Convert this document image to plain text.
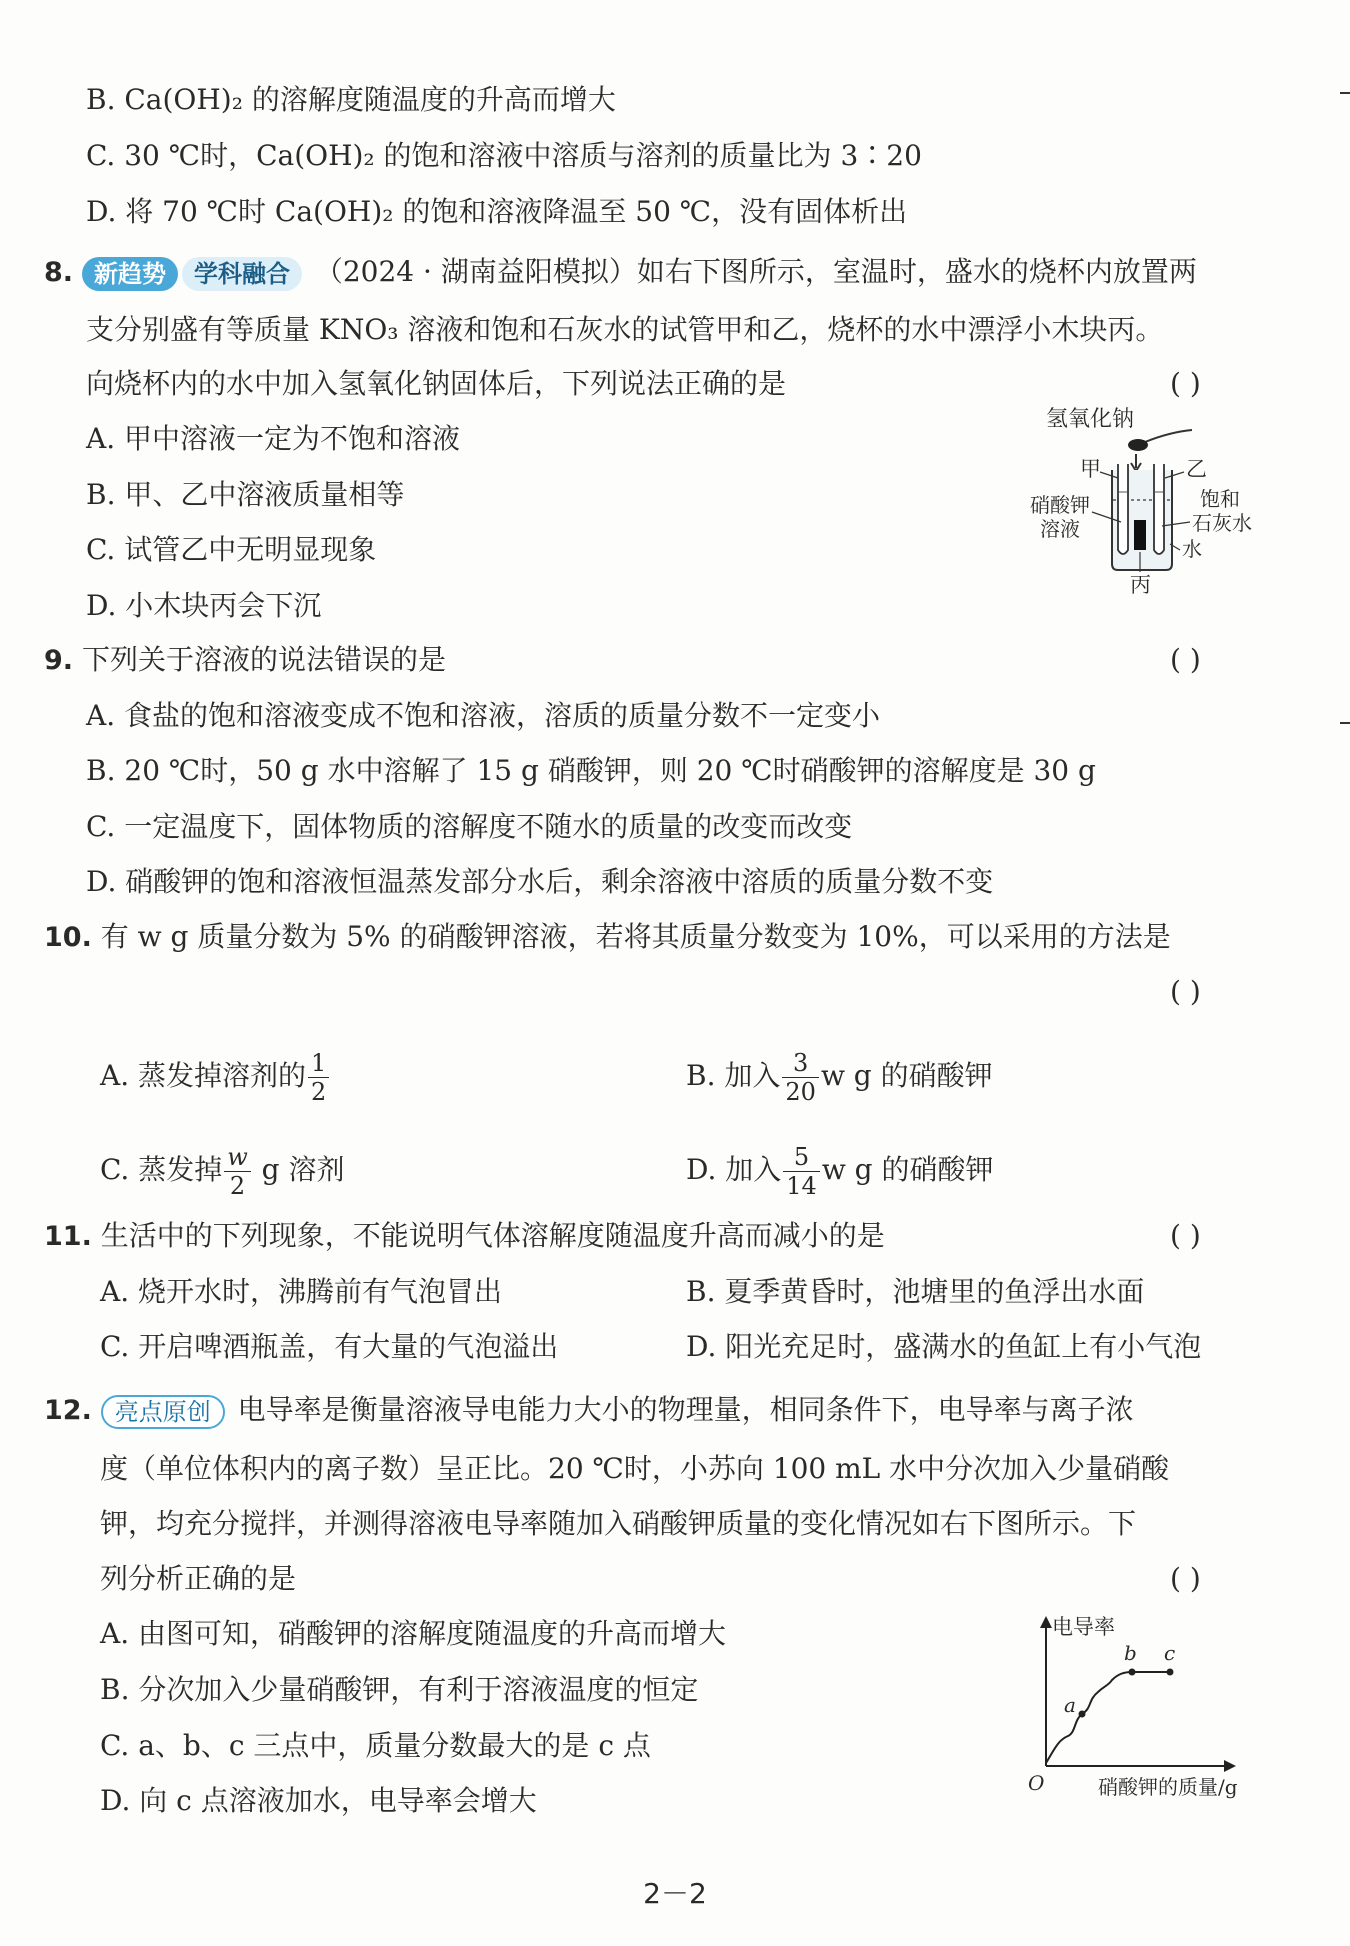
B. Ca(OH)₂ 的溶解度随温度的升高而增大
C. 30 ℃时，Ca(OH)₂ 的饱和溶液中溶质与溶剂的质量比为 3∶20
D. 将 70 ℃时 Ca(OH)₂ 的饱和溶液降温至 50 ℃，没有固体析出
8. 新趋势 学科融合 （2024 · 湖南益阳模拟）如右下图所示，室温时，盛水的烧杯内放置两
支分别盛有等质量 KNO₃ 溶液和饱和石灰水的试管甲和乙，烧杯的水中漂浮小木块丙。
向烧杯内的水中加入氢氧化钠固体后，下列说法正确的是	( )
A. 甲中溶液一定为不饱和溶液
B. 甲、乙中溶液质量相等
C. 试管乙中无明显现象
D. 小木块丙会下沉
氢氧化钠
甲	乙
硝酸钾
溶液
饱和
石灰水
水
丙
9. 下列关于溶液的说法错误的是	( )
A. 食盐的饱和溶液变成不饱和溶液，溶质的质量分数不一定变小
B. 20 ℃时，50 g 水中溶解了 15 g 硝酸钾，则 20 ℃时硝酸钾的溶解度是 30 g
C. 一定温度下，固体物质的溶解度不随水的质量的改变而改变
D. 硝酸钾的饱和溶液恒温蒸发部分水后，剩余溶液中溶质的质量分数不变
10. 有 w g 质量分数为 5% 的硝酸钾溶液，若将其质量分数变为 10%，可以采用的方法是
( )
A. 蒸发掉溶剂的 $\frac{1}{2}$	B. 加入 $\frac{3}{20}$ w g 的硝酸钾
C. 蒸发掉 $\frac{w}{2}$ g 溶剂	D. 加入 $\frac{5}{14}$ w g 的硝酸钾
11. 生活中的下列现象，不能说明气体溶解度随温度升高而减小的是	( )
A. 烧开水时，沸腾前有气泡冒出	B. 夏季黄昏时，池塘里的鱼浮出水面
C. 开启啤酒瓶盖，有大量的气泡溢出	D. 阳光充足时，盛满水的鱼缸上有小气泡
12. 亮点原创 电导率是衡量溶液导电能力大小的物理量，相同条件下，电导率与离子浓
度（单位体积内的离子数）呈正比。20 ℃时，小苏向 100 mL 水中分次加入少量硝酸
钾，均充分搅拌，并测得溶液电导率随加入硝酸钾质量的变化情况如右下图所示。下
列分析正确的是	( )
A. 由图可知，硝酸钾的溶解度随温度的升高而增大
B. 分次加入少量硝酸钾，有利于溶液温度的恒定
C. a、b、c 三点中，质量分数最大的是 c 点
D. 向 c 点溶液加水，电导率会增大
电导率
硝酸钾的质量/g
O
a
b c
2－2
